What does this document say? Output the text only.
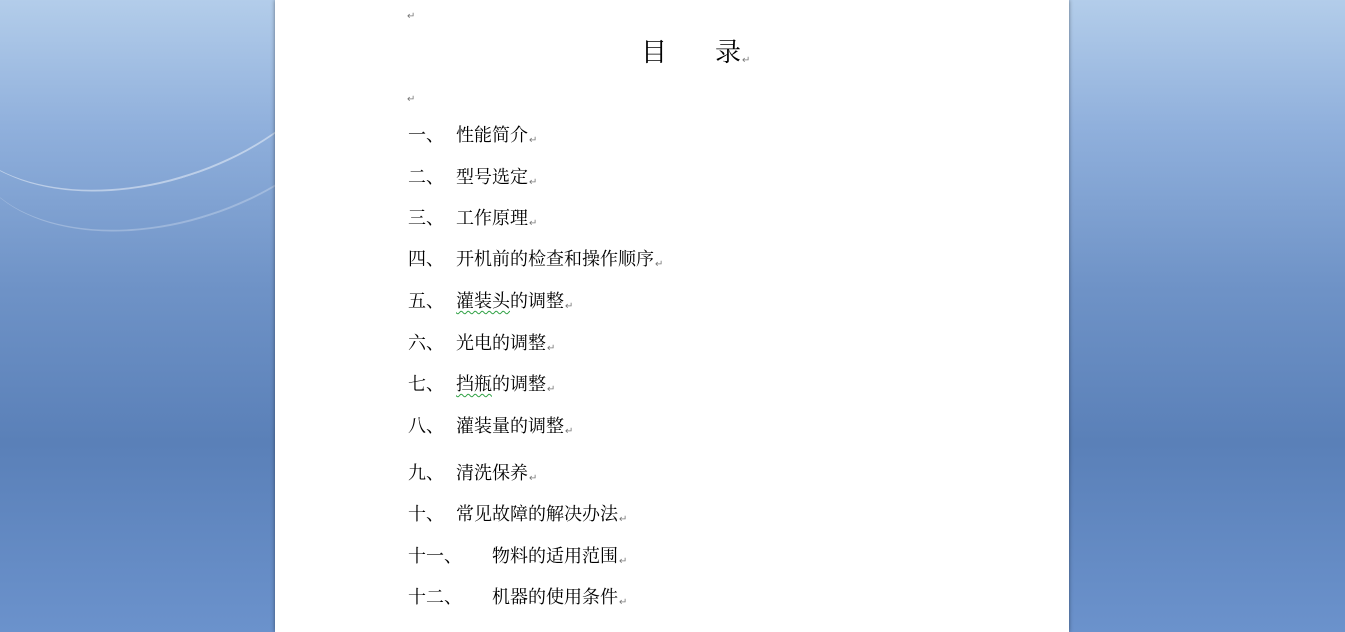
↵
目 录↵
↵
一、 性能简介↵
二、 型号选定↵
三、 工作原理↵
四、 开机前的检查和操作顺序↵
五、 灌装头的调整↵
六、 光电的调整↵
七、 挡瓶的调整↵
八、 灌装量的调整↵
九、 清洗保养↵
十、 常见故障的解决办法↵
十一、 物料的适用范围↵
十二、 机器的使用条件↵
